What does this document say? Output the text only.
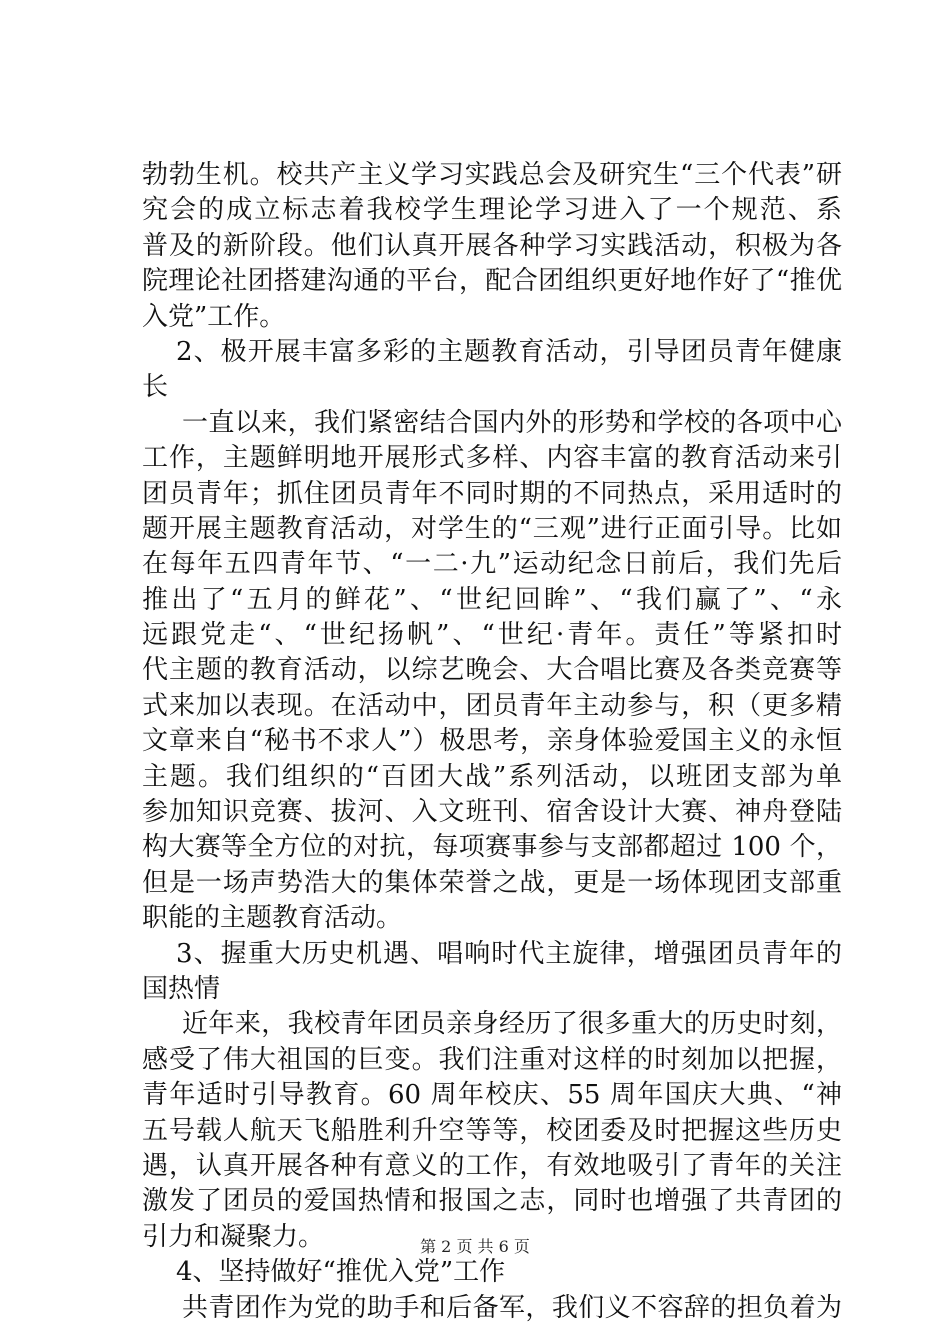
勃勃生机。校共产主义学习实践总会及研究生“三个代表”研
究会的成立标志着我校学生理论学习进入了一个规范、系
普及的新阶段。他们认真开展各种学习实践活动，积极为各
院理论社团搭建沟通的平台，配合团组织更好地作好了“推优
入党”工作。
2、极开展丰富多彩的主题教育活动，引导团员青年健康
长
一直以来，我们紧密结合国内外的形势和学校的各项中心
工作，主题鲜明地开展形式多样、内容丰富的教育活动来引
团员青年；抓住团员青年不同时期的不同热点，采用适时的
题开展主题教育活动，对学生的“三观”进行正面引导。比如
在每年五四青年节、“一二·九”运动纪念日前后，我们先后
推出了“五月的鲜花”、“世纪回眸”、“我们赢了”、“永
远跟党走“、“世纪扬帆”、“世纪·青年。责任”等紧扣时
代主题的教育活动，以综艺晚会、大合唱比赛及各类竞赛等
式来加以表现。在活动中，团员青年主动参与，积（更多精
文章来自“秘书不求人”）极思考，亲身体验爱国主义的永恒
主题。我们组织的“百团大战”系列活动，以班团支部为单
参加知识竞赛、拔河、入文班刊、宿舍设计大赛、神舟登陆
构大赛等全方位的对抗，每项赛事参与支部都超过 100 个，
但是一场声势浩大的集体荣誉之战，更是一场体现团支部重
职能的主题教育活动。
3、握重大历史机遇、唱响时代主旋律，增强团员青年的
国热情
近年来，我校青年团员亲身经历了很多重大的历史时刻，
感受了伟大祖国的巨变。我们注重对这样的时刻加以把握，
青年适时引导教育。60 周年校庆、55 周年国庆大典、“神
五号载人航天飞船胜利升空等等，校团委及时把握这些历史
遇，认真开展各种有意义的工作，有效地吸引了青年的关注
激发了团员的爱国热情和报国之志，同时也增强了共青团的
引力和凝聚力。
4、坚持做好“推优入党”工作
共青团作为党的助手和后备军，我们义不容辞的担负着为
第 2 页 共 6 页
